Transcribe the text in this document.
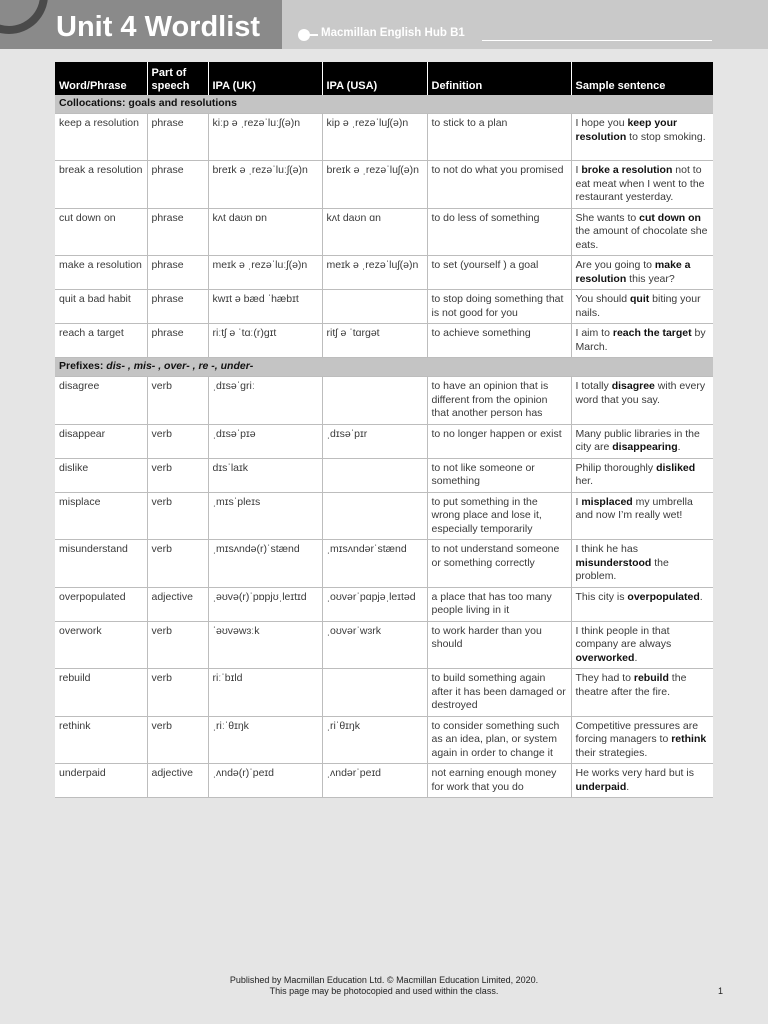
Unit 4 Wordlist	Macmillan English Hub B1
Word/Phrase	Part of speech	IPA (UK)	IPA (USA)	Definition	Sample sentence
Collocations: goals and resolutions					
keep a resolution	phrase	kiːp ə ˌrezəˈluːʃ(ə)n	kip ə ˌrezəˈluʃ(ə)n	to stick to a plan	I hope you keep your resolution to stop smoking.
break a resolution	phrase	breɪk ə ˌrezəˈluːʃ(ə)n	breɪk ə ˌrezəˈluʃ(ə)n	to not do what you promised	I broke a resolution not to eat meat when I went to the restaurant yesterday.
cut down on	phrase	kʌt daʊn ɒn	kʌt daʊn ɑn	to do less of something	She wants to cut down on the amount of chocolate she eats.
make a resolution	phrase	meɪk ə ˌrezəˈluːʃ(ə)n	meɪk ə ˌrezəˈluʃ(ə)n	to set (yourself ) a goal	Are you going to make a resolution this year?
quit a bad habit	phrase	kwɪt ə bæd ˈhæbɪt		to stop doing something that is not good for you	You should quit biting your nails.
reach a target	phrase	riːtʃ ə ˈtɑː(r)ɡɪt	ritʃ ə ˈtɑrɡət	to achieve something	I aim to reach the target by March.
Prefixes: dis- , mis- , over- , re -, under-					
disagree	verb	ˌdɪsəˈɡriː		to have an opinion that is different from the opinion that another person has	I totally disagree with every word that you say.
disappear	verb	ˌdɪsəˈpɪə	ˌdɪsəˈpɪr	to no longer happen or exist	Many public libraries in the city are disappearing.
dislike	verb	dɪsˈlaɪk		to not like someone or something	Philip thoroughly disliked her.
misplace	verb	ˌmɪsˈpleɪs		to put something in the wrong place and lose it, especially temporarily	I misplaced my umbrella and now I’m really wet!
misunderstand	verb	ˌmɪsʌndə(r)ˈstænd	ˌmɪsʌndərˈstænd	to not understand someone or something correctly	I think he has misunderstood the problem.
overpopulated	adjective	ˌəʊvə(r)ˈpɒpjʊˌleɪtɪd	ˌoʊvərˈpɑpjəˌleɪtəd	a place that has too many people living in it	This city is overpopulated.
overwork	verb	ˈəʊvəwɜːk	ˌoʊvərˈwɜrk	to work harder than you should	I think people in that company are always overworked.
rebuild	verb	riːˈbɪld		to build something again after it has been damaged or destroyed	They had to rebuild the theatre after the fire.
rethink	verb	ˌriːˈθɪŋk	ˌriˈθɪŋk	to consider something such as an idea, plan, or system again in order to change it	Competitive pressures are forcing managers to rethink their strategies.
underpaid	adjective	ˌʌndə(r)ˈpeɪd	ˌʌndərˈpeɪd	not earning enough money for work that you do	He works very hard but is underpaid.
Published by Macmillan Education Ltd. © Macmillan Education Limited, 2020.
This page may be photocopied and used within the class.	1
